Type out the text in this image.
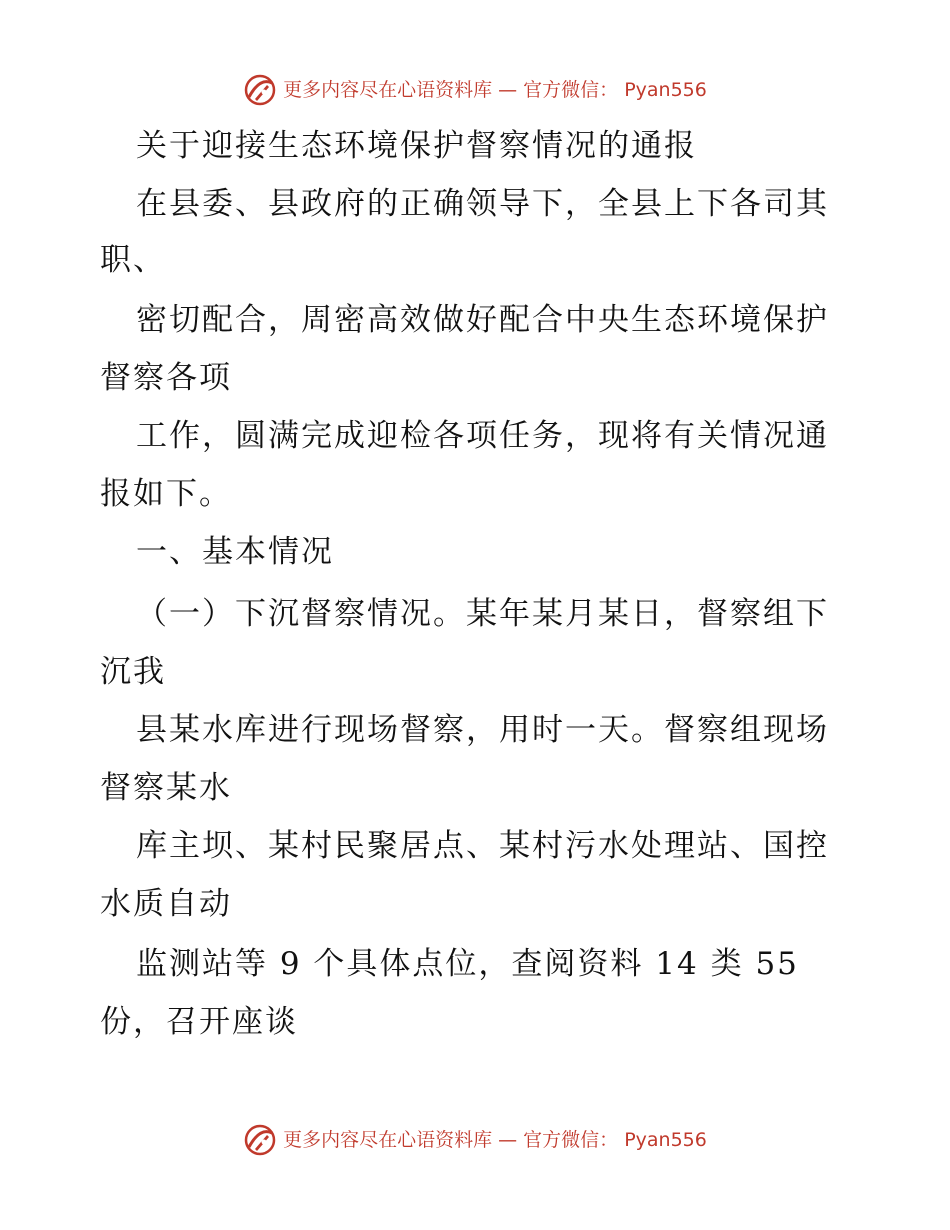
更多内容尽在心语资料库 — 官方微信： Pyan556
关于迎接生态环境保护督察情况的通报
在县委、县政府的正确领导下，全县上下各司其
职、
密切配合，周密高效做好配合中央生态环境保护
督察各项
工作，圆满完成迎检各项任务，现将有关情况通
报如下。
一、基本情况
（一）下沉督察情况。某年某月某日，督察组下
沉我
县某水库进行现场督察，用时一天。督察组现场
督察某水
库主坝、某村民聚居点、某村污水处理站、国控
水质自动
监测站等 9 个具体点位，查阅资料 14 类 55
份，召开座谈
更多内容尽在心语资料库 — 官方微信： Pyan556
